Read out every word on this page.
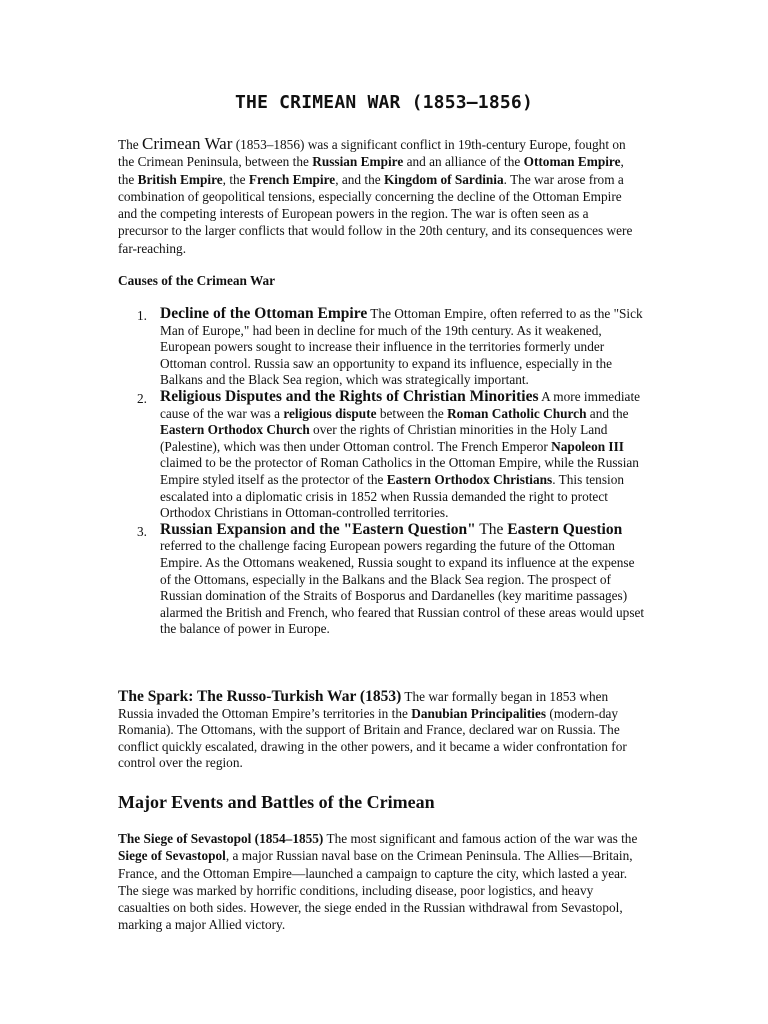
THE CRIMEAN WAR (1853–1856)

The Crimean War (1853–1856) was a significant conflict in 19th-century Europe, fought on the Crimean Peninsula, between the Russian Empire and an alliance of the Ottoman Empire, the British Empire, the French Empire, and the Kingdom of Sardinia. The war arose from a combination of geopolitical tensions, especially concerning the decline of the Ottoman Empire and the competing interests of European powers in the region. The war is often seen as a precursor to the larger conflicts that would follow in the 20th century, and its consequences were far-reaching.

Causes of the Crimean War

1. Decline of the Ottoman Empire The Ottoman Empire, often referred to as the "Sick Man of Europe," had been in decline for much of the 19th century. As it weakened, European powers sought to increase their influence in the territories formerly under Ottoman control. Russia saw an opportunity to expand its influence, especially in the Balkans and the Black Sea region, which was strategically important.
2. Religious Disputes and the Rights of Christian Minorities A more immediate cause of the war was a religious dispute between the Roman Catholic Church and the Eastern Orthodox Church over the rights of Christian minorities in the Holy Land (Palestine), which was then under Ottoman control. The French Emperor Napoleon III claimed to be the protector of Roman Catholics in the Ottoman Empire, while the Russian Empire styled itself as the protector of the Eastern Orthodox Christians. This tension escalated into a diplomatic crisis in 1852 when Russia demanded the right to protect Orthodox Christians in Ottoman-controlled territories.
3. Russian Expansion and the "Eastern Question" The Eastern Question referred to the challenge facing European powers regarding the future of the Ottoman Empire. As the Ottomans weakened, Russia sought to expand its influence at the expense of the Ottomans, especially in the Balkans and the Black Sea region. The prospect of Russian domination of the Straits of Bosporus and Dardanelles (key maritime passages) alarmed the British and French, who feared that Russian control of these areas would upset the balance of power in Europe.

The Spark: The Russo-Turkish War (1853) The war formally began in 1853 when Russia invaded the Ottoman Empire’s territories in the Danubian Principalities (modern-day Romania). The Ottomans, with the support of Britain and France, declared war on Russia. The conflict quickly escalated, drawing in the other powers, and it became a wider confrontation for control over the region.

Major Events and Battles of the Crimean

The Siege of Sevastopol (1854–1855) The most significant and famous action of the war was the Siege of Sevastopol, a major Russian naval base on the Crimean Peninsula. The Allies—Britain, France, and the Ottoman Empire—launched a campaign to capture the city, which lasted a year. The siege was marked by horrific conditions, including disease, poor logistics, and heavy casualties on both sides. However, the siege ended in the Russian withdrawal from Sevastopol, marking a major Allied victory.
